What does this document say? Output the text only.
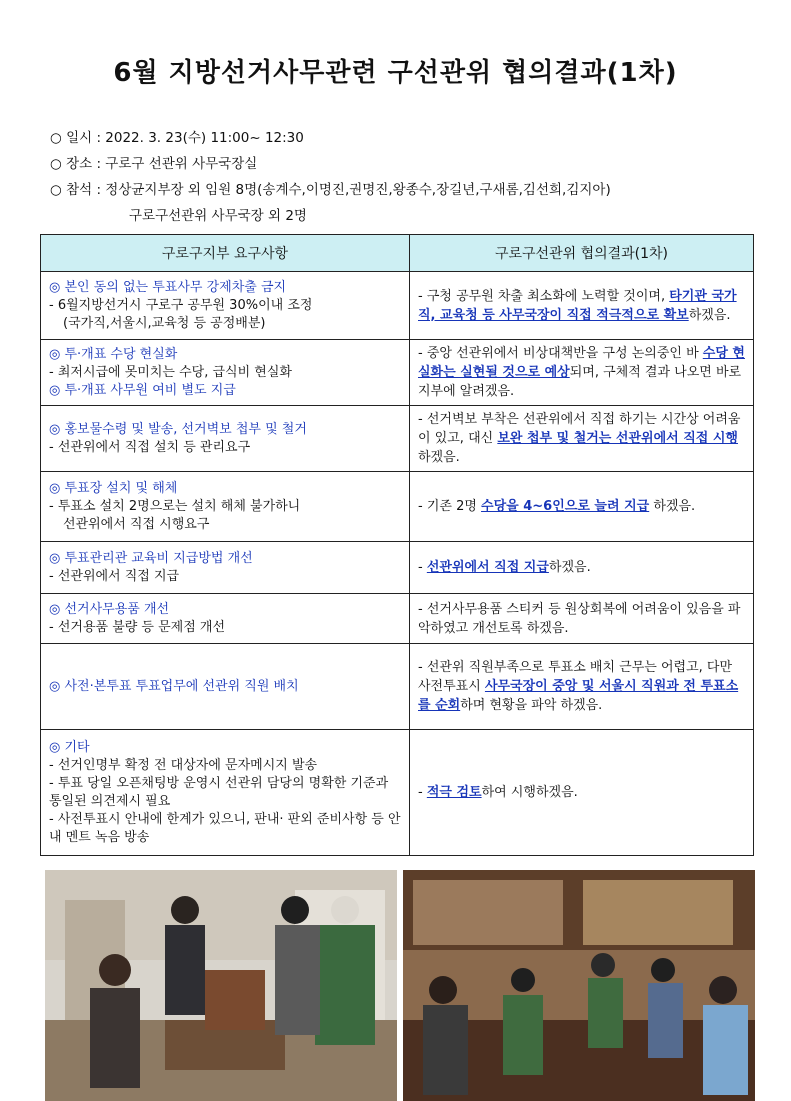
6월 지방선거사무관련 구선관위 협의결과(1차)
○ 일시 : 2022. 3. 23(수) 11:00~ 12:30
○ 장소 : 구로구 선관위 사무국장실
○ 참석 : 정상균지부장 외 임원 8명(송계수,이명진,권명진,왕종수,장길년,구새롬,김선희,김지아)
구로구선관위 사무국장 외 2명
구로구지부 요구사항	구로구선관위 협의결과(1차)

◎ 본인 동의 없는 투표사무 강제차출 금지
- 6월지방선거시 구로구 공무원 30%이내 조정
(국가직,서울시,교육청 등 공정배분)	- 구청 공무원 차출 최소화에 노력할 것이며, 타기관 국가직, 교육청 등 사무국장이 직접 적극적으로 확보하겠음.

◎ 투·개표 수당 현실화
- 최저시급에 못미치는 수당, 급식비 현실화
◎ 투·개표 사무원 여비 별도 지급	- 중앙 선관위에서 비상대책반을 구성 논의중인 바 수당 현실화는 실현될 것으로 예상되며, 구체적 결과 나오면 바로 지부에 알려겠음.

◎ 홍보물수령 및 발송, 선거벽보 첩부 및 철거
- 선관위에서 직접 설치 등 관리요구	- 선거벽보 부착은 선관위에서 직접 하기는 시간상 어려움이 있고, 대신 보완 첩부 및 철거는 선관위에서 직접 시행하겠음.

◎ 투표장 설치 및 해체
- 투표소 설치 2명으로는 설치 해체 불가하니
선관위에서 직접 시행요구	- 기존 2명 수당을 4~6인으로 늘려 지급 하겠음.

◎ 투표관리관 교육비 지급방법 개선
- 선관위에서 직접 지급	- 선관위에서 직접 지급하겠음.

◎ 선거사무용품 개선
- 선거용품 불량 등 문제점 개선	- 선거사무용품 스티커 등 원상회복에 어려움이 있음을 파악하였고 개선토록 하겠음.

◎ 사전·본투표 투표업무에 선관위 직원 배치	- 선관위 직원부족으로 투표소 배치 근무는 어렵고, 다만 사전투표시 사무국장이 중앙 및 서울시 직원과 전 투표소를 순회하며 현황을 파악 하겠음.

◎ 기타
- 선거인명부 확정 전 대상자에 문자메시지 발송
- 투표 당일 오픈채팅방 운영시 선관위 담당의 명확한 기준과 통일된 의견제시 필요
- 사전투표시 안내에 한계가 있으니, 판내· 판외 준비사항 등 안내 멘트 녹음 방송	- 적극 검토하여 시행하겠음.
